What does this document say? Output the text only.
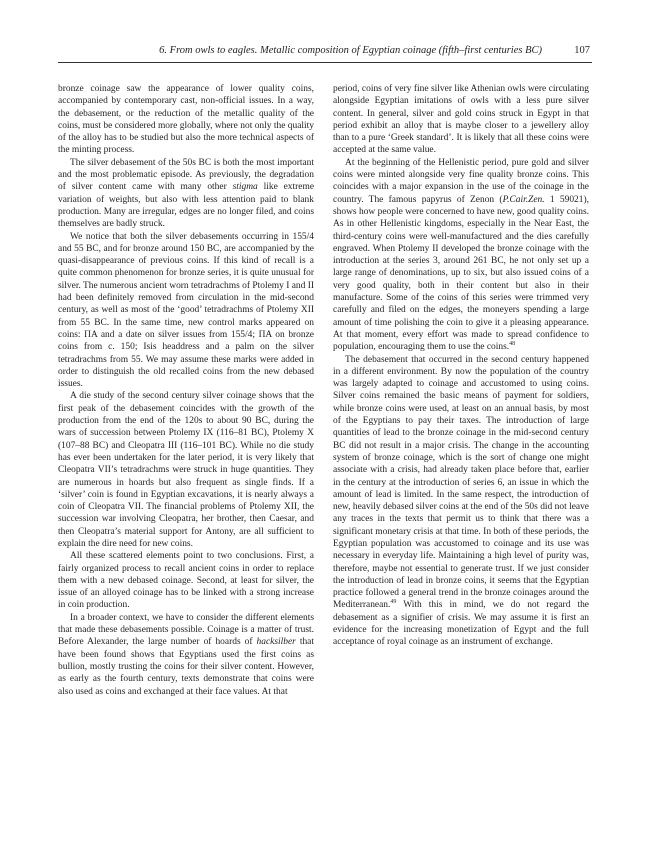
6. From owls to eagles. Metallic composition of Egyptian coinage (fifth–first centuries BC)	107

bronze coinage saw the appearance of lower quality coins, accompanied by contemporary cast, non-official issues. In a way, the debasement, or the reduction of the metallic quality of the coins, must be considered more globally, where not only the quality of the alloy has to be studied but also the more technical aspects of the minting process.

The silver debasement of the 50s BC is both the most important and the most problematic episode. As previously, the degradation of silver content came with many other stigma like extreme variation of weights, but also with less attention paid to blank production. Many are irregular, edges are no longer filed, and coins themselves are badly struck.

We notice that both the silver debasements occurring in 155/4 and 55 BC, and for bronze around 150 BC, are accompanied by the quasi-disappearance of previous coins. If this kind of recall is a quite common phenomenon for bronze series, it is quite unusual for silver. The numerous ancient worn tetradrachms of Ptolemy I and II had been definitely removed from circulation in the mid-second century, as well as most of the ‘good’ tetradrachms of Ptolemy XII from 55 BC. In the same time, new control marks appeared on coins: ΠA and a date on silver issues from 155/4; ΠA on bronze coins from c. 150; Isis headdress and a palm on the silver tetradrachms from 55. We may assume these marks were added in order to distinguish the old recalled coins from the new debased issues.

A die study of the second century silver coinage shows that the first peak of the debasement coincides with the growth of the production from the end of the 120s to about 90 BC, during the wars of succession between Ptolemy IX (116–81 BC), Ptolemy X (107–88 BC) and Cleopatra III (116–101 BC). While no die study has ever been undertaken for the later period, it is very likely that Cleopatra VII’s tetradrachms were struck in huge quantities. They are numerous in hoards but also frequent as single finds. If a ‘silver’ coin is found in Egyptian excavations, it is nearly always a coin of Cleopatra VII. The financial problems of Ptolemy XII, the succession war involving Cleopatra, her brother, then Caesar, and then Cleopatra’s material support for Antony, are all sufficient to explain the dire need for new coins.

All these scattered elements point to two conclusions. First, a fairly organized process to recall ancient coins in order to replace them with a new debased coinage. Second, at least for silver, the issue of an alloyed coinage has to be linked with a strong increase in coin production.

In a broader context, we have to consider the different elements that made these debasements possible. Coinage is a matter of trust. Before Alexander, the large number of hoards of hacksilber that have been found shows that Egyptians used the first coins as bullion, mostly trusting the coins for their silver content. However, as early as the fourth century, texts demonstrate that coins were also used as coins and exchanged at their face values. At that

period, coins of very fine silver like Athenian owls were circulating alongside Egyptian imitations of owls with a less pure silver content. In general, silver and gold coins struck in Egypt in that period exhibit an alloy that is maybe closer to a jewellery alloy than to a pure ‘Greek standard’. It is likely that all these coins were accepted at the same value.

At the beginning of the Hellenistic period, pure gold and silver coins were minted alongside very fine quality bronze coins. This coincides with a major expansion in the use of the coinage in the country. The famous papyrus of Zenon (P.Cair.Zen. 1 59021), shows how people were concerned to have new, good quality coins. As in other Hellenistic kingdoms, especially in the Near East, the third-century coins were well-manufactured and the dies carefully engraved. When Ptolemy II developed the bronze coinage with the introduction at the series 3, around 261 BC, he not only set up a large range of denominations, up to six, but also issued coins of a very good quality, both in their content but also in their manufacture. Some of the coins of this series were trimmed very carefully and filed on the edges, the moneyers spending a large amount of time polishing the coin to give it a pleasing appearance. At that moment, every effort was made to spread confidence to population, encouraging them to use the coins.$^{48}$

The debasement that occurred in the second century happened in a different environment. By now the population of the country was largely adapted to coinage and accustomed to using coins. Silver coins remained the basic means of payment for soldiers, while bronze coins were used, at least on an annual basis, by most of the Egyptians to pay their taxes. The introduction of large quantities of lead to the bronze coinage in the mid-second century BC did not result in a major crisis. The change in the accounting system of bronze coinage, which is the sort of change one might associate with a crisis, had already taken place before that, earlier in the century at the introduction of series 6, an issue in which the amount of lead is limited. In the same respect, the introduction of new, heavily debased silver coins at the end of the 50s did not leave any traces in the texts that permit us to think that there was a significant monetary crisis at that time. In both of these periods, the Egyptian population was accustomed to coinage and its use was necessary in everyday life. Maintaining a high level of purity was, therefore, maybe not essential to generate trust. If we just consider the introduction of lead in bronze coins, it seems that the Egyptian practice followed a general trend in the bronze coinages around the Mediterranean.$^{49}$ With this in mind, we do not regard the debasement as a signifier of crisis. We may assume it is first an evidence for the increasing monetization of Egypt and the full acceptance of royal coinage as an instrument of exchange.
